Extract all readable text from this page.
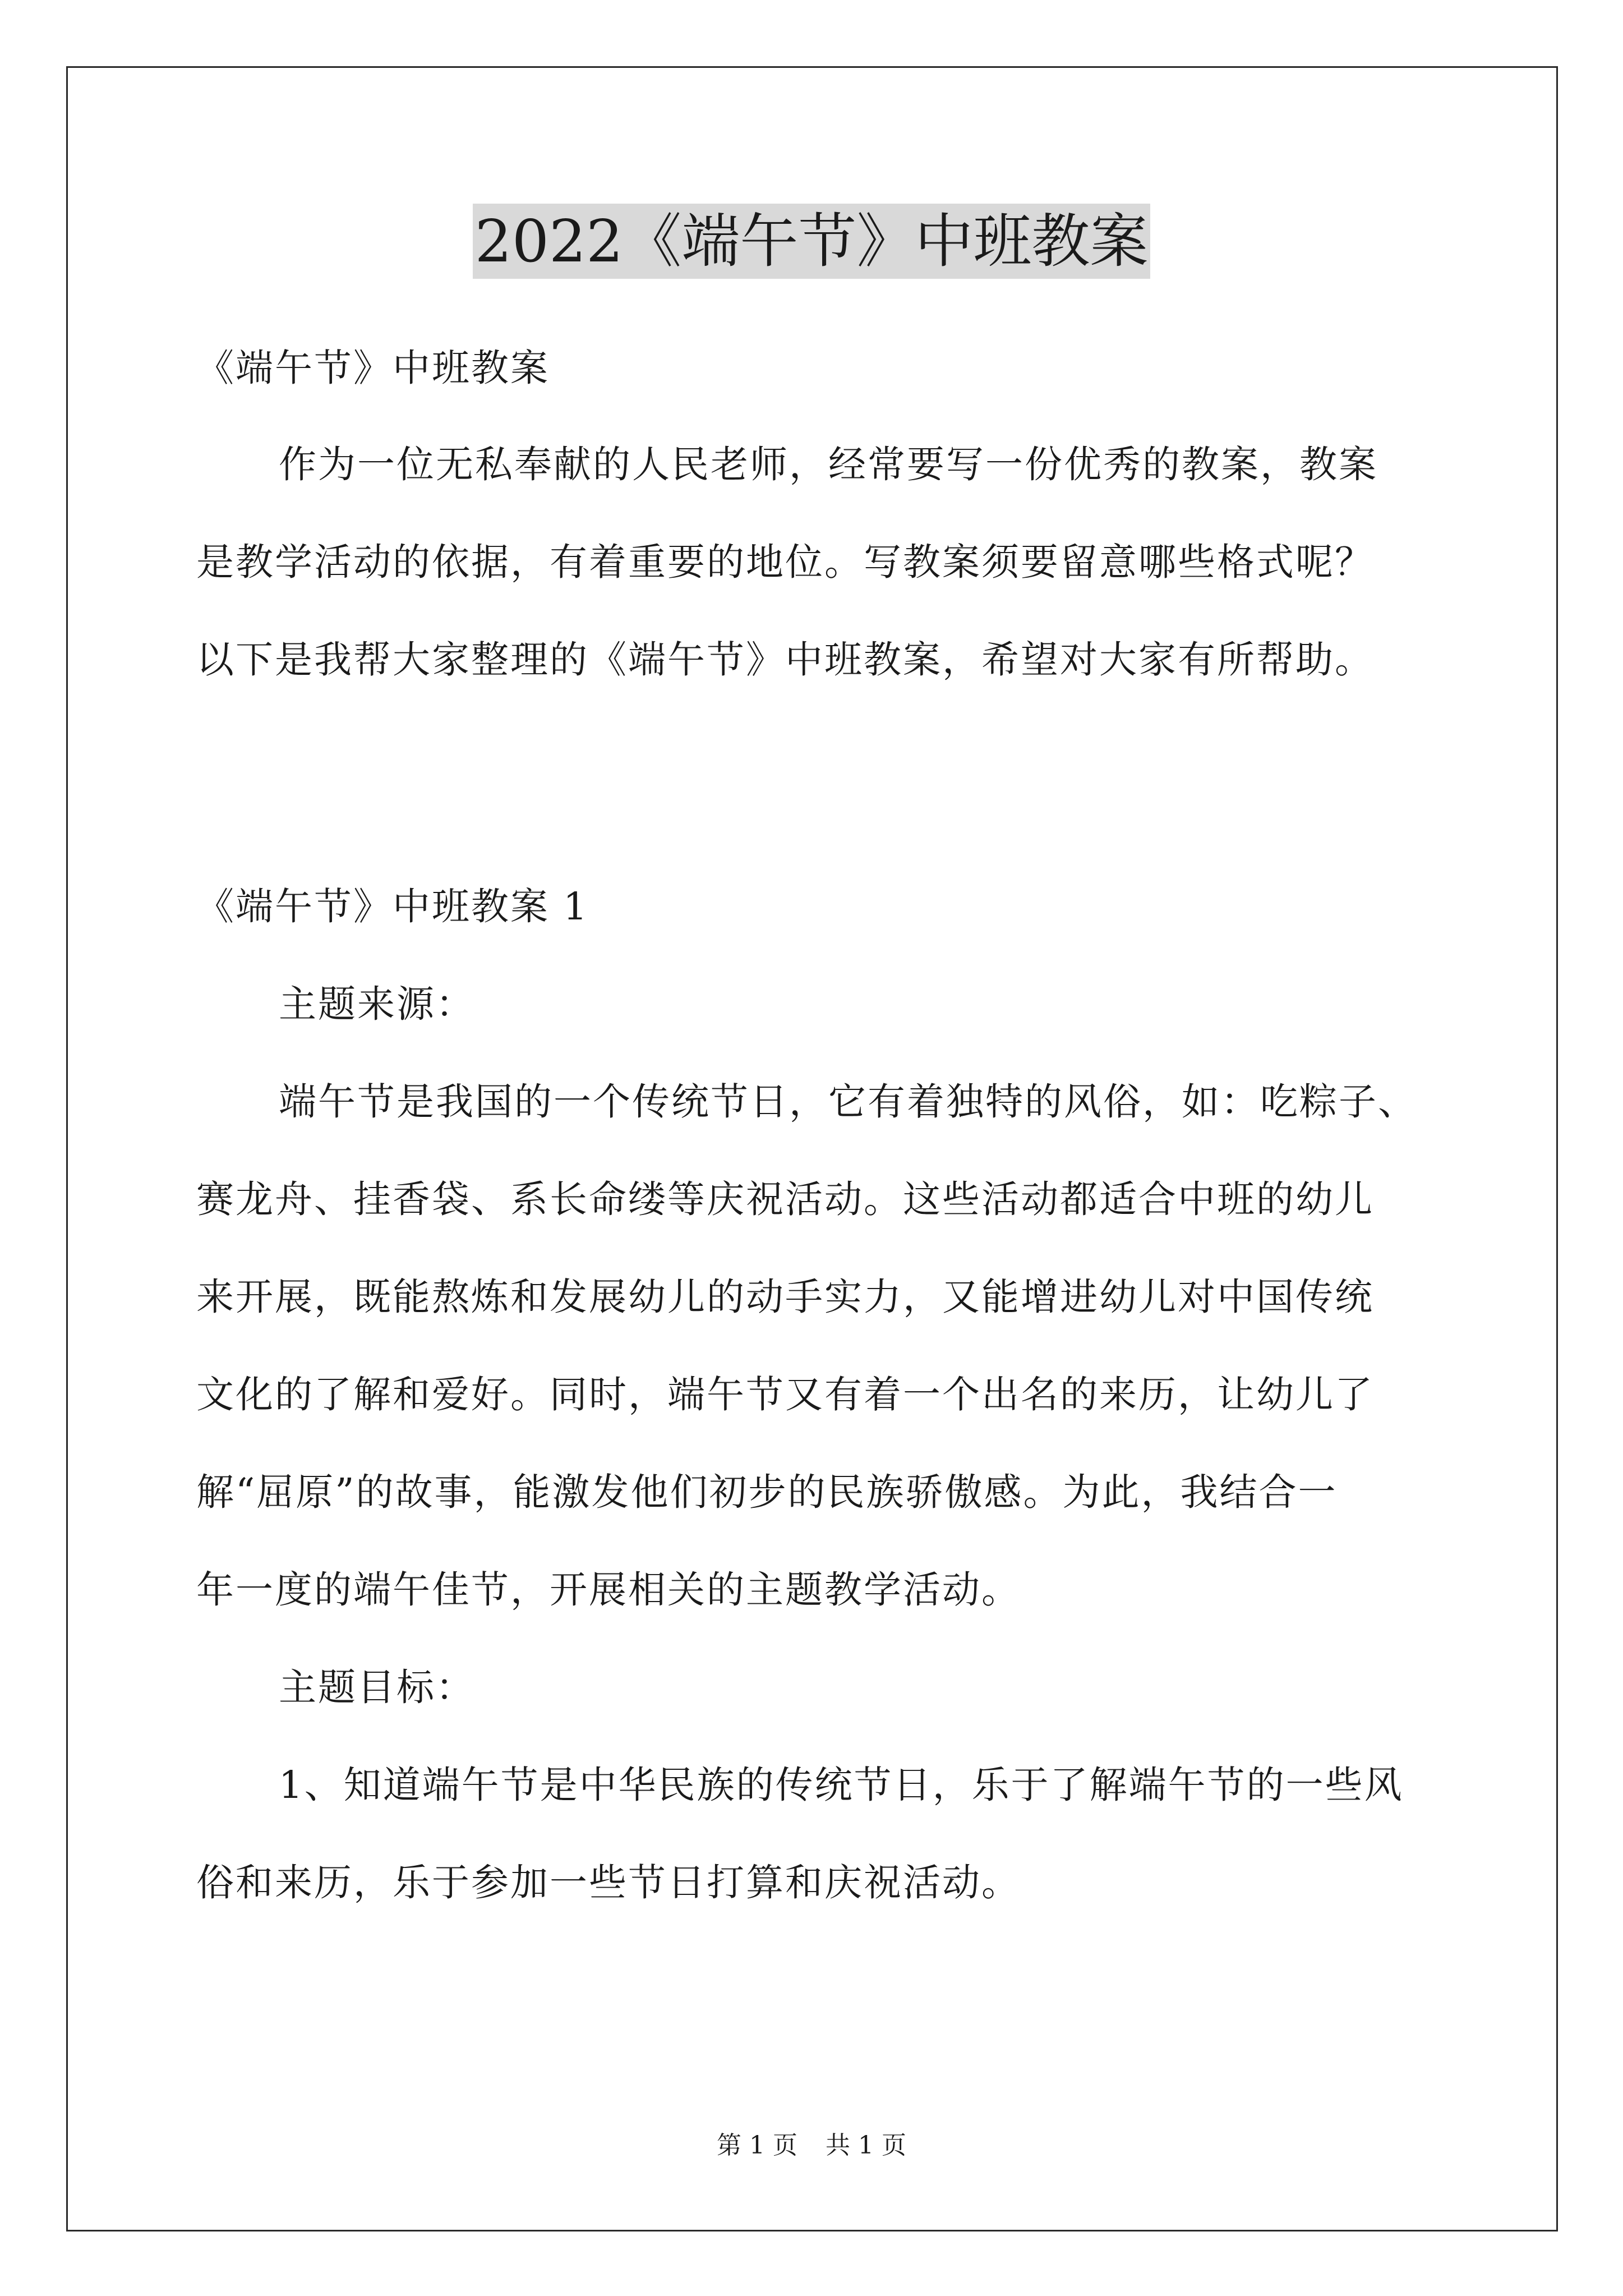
2022《端午节》中班教案
《端午节》中班教案
作为一位无私奉献的人民老师，经常要写一份优秀的教案，教案
是教学活动的依据，有着重要的地位。写教案须要留意哪些格式呢？
以下是我帮大家整理的《端午节》中班教案，希望对大家有所帮助。
《端午节》中班教案 1
主题来源：
端午节是我国的一个传统节日，它有着独特的风俗，如：吃粽子、
赛龙舟、挂香袋、系长命缕等庆祝活动。这些活动都适合中班的幼儿
来开展，既能熬炼和发展幼儿的动手实力，又能增进幼儿对中国传统
文化的了解和爱好。同时，端午节又有着一个出名的来历，让幼儿了
解“屈原”的故事，能激发他们初步的民族骄傲感。为此，我结合一
年一度的端午佳节，开展相关的主题教学活动。
主题目标：
1、知道端午节是中华民族的传统节日，乐于了解端午节的一些风
俗和来历，乐于参加一些节日打算和庆祝活动。
第 1 页 共 1 页
